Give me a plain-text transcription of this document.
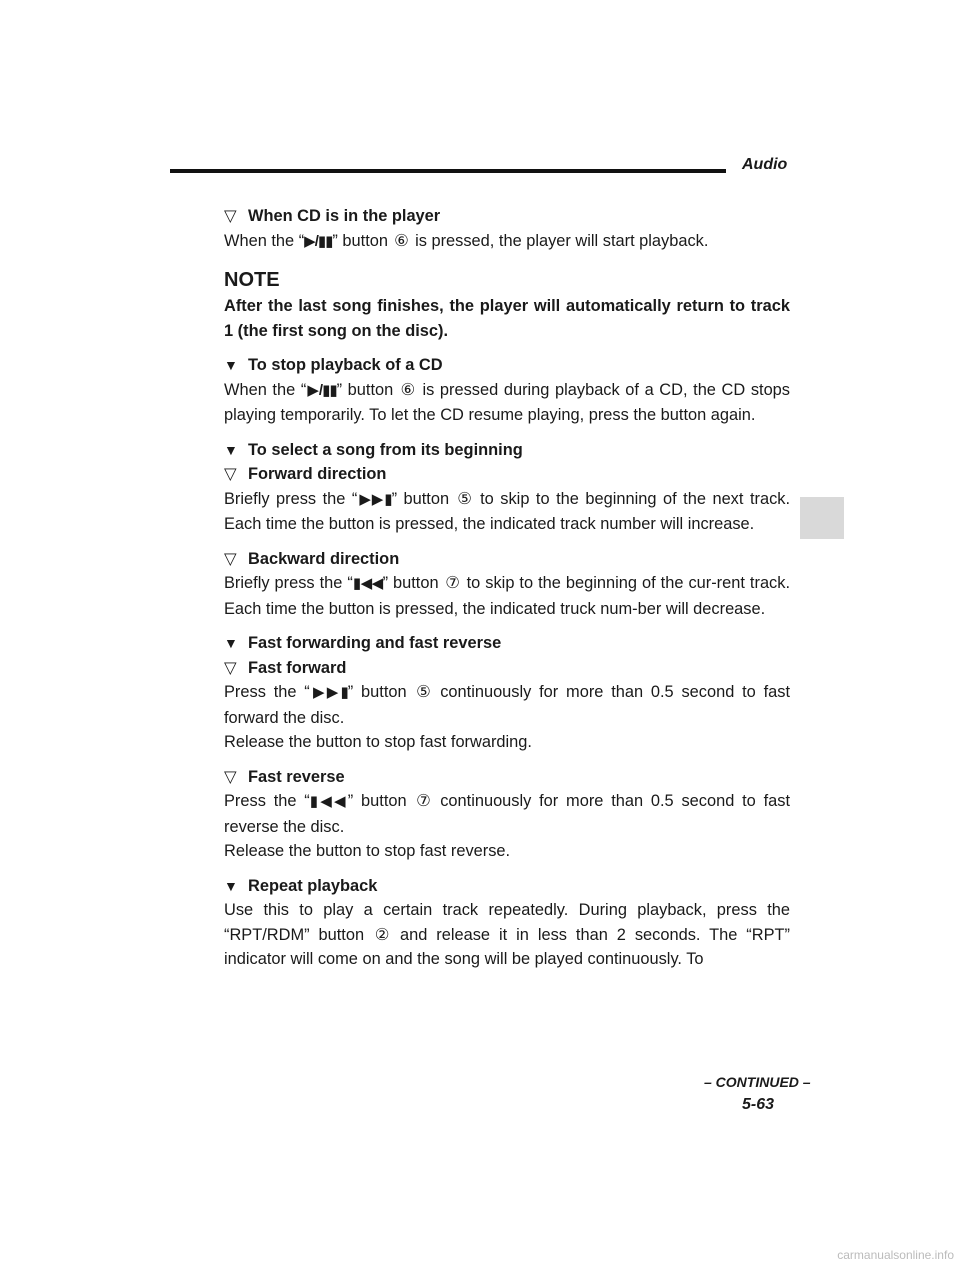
Audio

▽ When CD is in the player

When the “▶/▮▮” button ⑥ is pressed, the player will start playback.

NOTE

After the last song finishes, the player will automatically return to track 1 (the first song on the disc).

▼ To stop playback of a CD

When the “▶/▮▮” button ⑥ is pressed during playback of a CD, the CD stops playing temporarily. To let the CD resume playing, press the button again.

▼ To select a song from its beginning

▽ Forward direction

Briefly press the “▶▶▮” button ⑤ to skip to the beginning of the next track. Each time the button is pressed, the indicated track number will increase.

▽ Backward direction

Briefly press the “▮◀◀” button ⑦ to skip to the beginning of the cur-rent track. Each time the button is pressed, the indicated truck num-ber will decrease.

▼ Fast forwarding and fast reverse

▽ Fast forward

Press the “▶▶▮” button ⑤ continuously for more than 0.5 second to fast forward the disc.

Release the button to stop fast forwarding.

▽ Fast reverse

Press the “▮◀◀” button ⑦ continuously for more than 0.5 second to fast reverse the disc.

Release the button to stop fast reverse.

▼ Repeat playback

Use this to play a certain track repeatedly. During playback, press the “RPT/RDM” button ② and release it in less than 2 seconds. The “RPT” indicator will come on and the song will be played continuously. To

– CONTINUED –
5-63
carmanualsonline.info
